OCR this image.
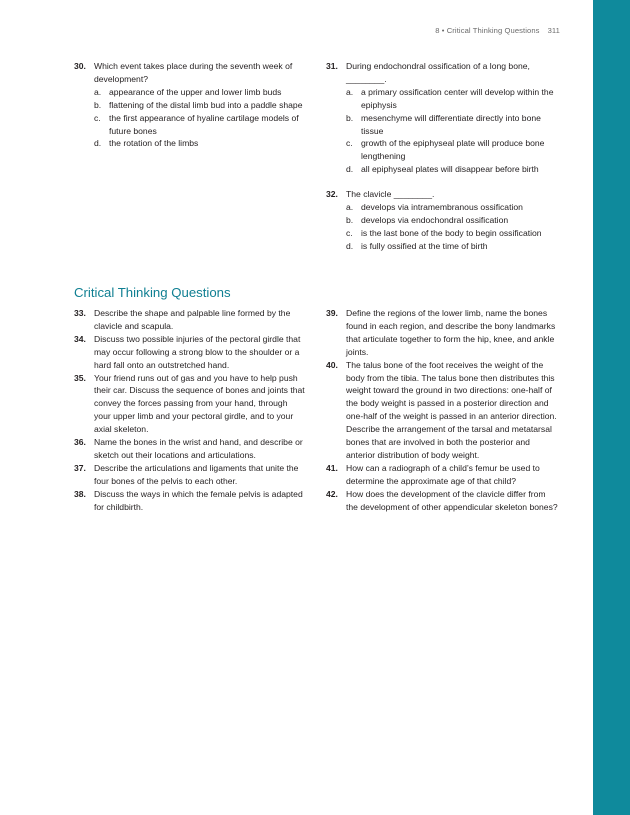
8 • Critical Thinking Questions 311
30. Which event takes place during the seventh week of development?
a. appearance of the upper and lower limb buds
b. flattening of the distal limb bud into a paddle shape
c. the first appearance of hyaline cartilage models of future bones
d. the rotation of the limbs
31. During endochondral ossification of a long bone, ________.
a. a primary ossification center will develop within the epiphysis
b. mesenchyme will differentiate directly into bone tissue
c. growth of the epiphyseal plate will produce bone lengthening
d. all epiphyseal plates will disappear before birth
32. The clavicle ________.
a. develops via intramembranous ossification
b. develops via endochondral ossification
c. is the last bone of the body to begin ossification
d. is fully ossified at the time of birth
Critical Thinking Questions
33. Describe the shape and palpable line formed by the clavicle and scapula.
34. Discuss two possible injuries of the pectoral girdle that may occur following a strong blow to the shoulder or a hard fall onto an outstretched hand.
35. Your friend runs out of gas and you have to help push their car. Discuss the sequence of bones and joints that convey the forces passing from your hand, through your upper limb and your pectoral girdle, and to your axial skeleton.
36. Name the bones in the wrist and hand, and describe or sketch out their locations and articulations.
37. Describe the articulations and ligaments that unite the four bones of the pelvis to each other.
38. Discuss the ways in which the female pelvis is adapted for childbirth.
39. Define the regions of the lower limb, name the bones found in each region, and describe the bony landmarks that articulate together to form the hip, knee, and ankle joints.
40. The talus bone of the foot receives the weight of the body from the tibia. The talus bone then distributes this weight toward the ground in two directions: one-half of the body weight is passed in a posterior direction and one-half of the weight is passed in an anterior direction. Describe the arrangement of the tarsal and metatarsal bones that are involved in both the posterior and anterior distribution of body weight.
41. How can a radiograph of a child’s femur be used to determine the approximate age of that child?
42. How does the development of the clavicle differ from the development of other appendicular skeleton bones?
